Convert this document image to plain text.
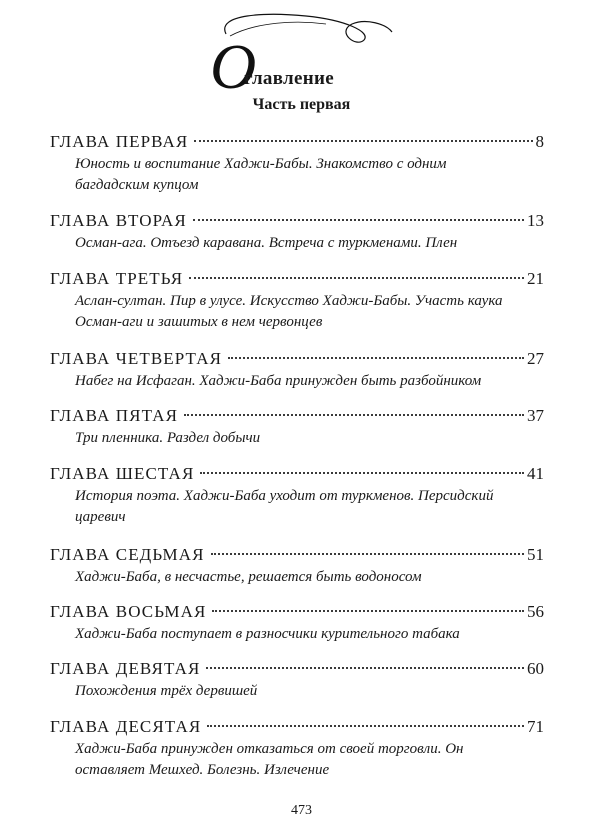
О
главление
Часть первая
ГЛАВА ПЕРВАЯ	8
Юность и воспитание Хаджи-Бабы. Знакомство с одним багдадским купцом
ГЛАВА ВТОРАЯ	13
Осман-ага. Отъезд каравана. Встреча с туркменами. Плен
ГЛАВА ТРЕТЬЯ	21
Аслан-султан. Пир в улусе. Искусство Хаджи-Бабы. Участь каука Осман-аги и зашитых в нем червонцев
ГЛАВА ЧЕТВЕРТАЯ	27
Набег на Исфаган. Хаджи-Баба принужден быть разбойником
ГЛАВА ПЯТАЯ	37
Три пленника. Раздел добычи
ГЛАВА ШЕСТАЯ	41
История поэта. Хаджи-Баба уходит от туркменов. Персидский царевич
ГЛАВА СЕДЬМАЯ	51
Хаджи-Баба, в несчастье, решается быть водоносом
ГЛАВА ВОСЬМАЯ	56
Хаджи-Баба поступает в разносчики курительного табака
ГЛАВА ДЕВЯТАЯ	60
Похождения трёх дервишей
ГЛАВА ДЕСЯТАЯ	71
Хаджи-Баба принужден отказаться от своей торговли. Он оставляет Мешхед. Болезнь. Излечение
473
